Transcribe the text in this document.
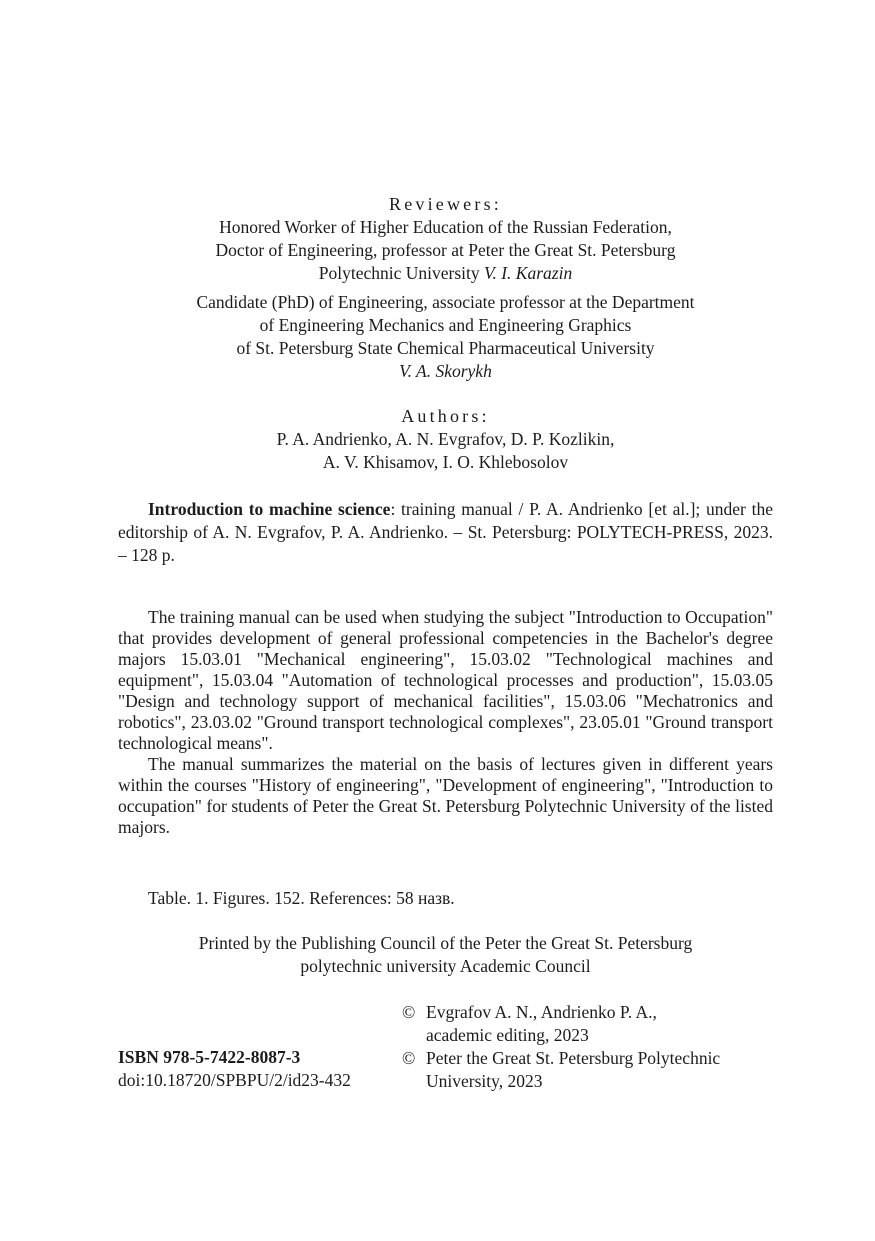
Reviewers:
Honored Worker of Higher Education of the Russian Federation,
Doctor of Engineering, professor at Peter the Great St. Petersburg
Polytechnic University V. I. Karazin
Candidate (PhD) of Engineering, associate professor at the Department
of Engineering Mechanics and Engineering Graphics
of St. Petersburg State Chemical Pharmaceutical University
V. A. Skorykh
Authors:
P. A. Andrienko, A. N. Evgrafov, D. P. Kozlikin,
A. V. Khisamov, I. O. Khlebosolov

Introduction to machine science: training manual / P. A. Andrienko [et al.]; under the editorship of A. N. Evgrafov, P. A. Andrienko. – St. Petersburg: POLYTECH-PRESS, 2023. – 128 p.

The training manual can be used when studying the subject "Introduction to Occupation" that provides development of general professional competencies in the Bachelor's degree majors 15.03.01 "Mechanical engineering", 15.03.02 "Technological machines and equipment", 15.03.04 "Automation of technological processes and production", 15.03.05 "Design and technology support of mechanical facilities", 15.03.06 "Mechatronics and robotics", 23.03.02 "Ground transport technological complexes", 23.05.01 "Ground transport technological means".

The manual summarizes the material on the basis of lectures given in different years within the courses "History of engineering", "Development of engineering", "Introduction to occupation" for students of Peter the Great St. Petersburg Polytechnic University of the listed majors.

Table. 1. Figures. 152. References: 58 назв.
Printed by the Publishing Council of the Peter the Great St. Petersburg
polytechnic university Academic Council
© Evgrafov A. N., Andrienko P. A.,
academic editing, 2023
© Peter the Great St. Petersburg Polytechnic
University, 2023
ISBN 978-5-7422-8087-3
doi:10.18720/SPBPU/2/id23-432
